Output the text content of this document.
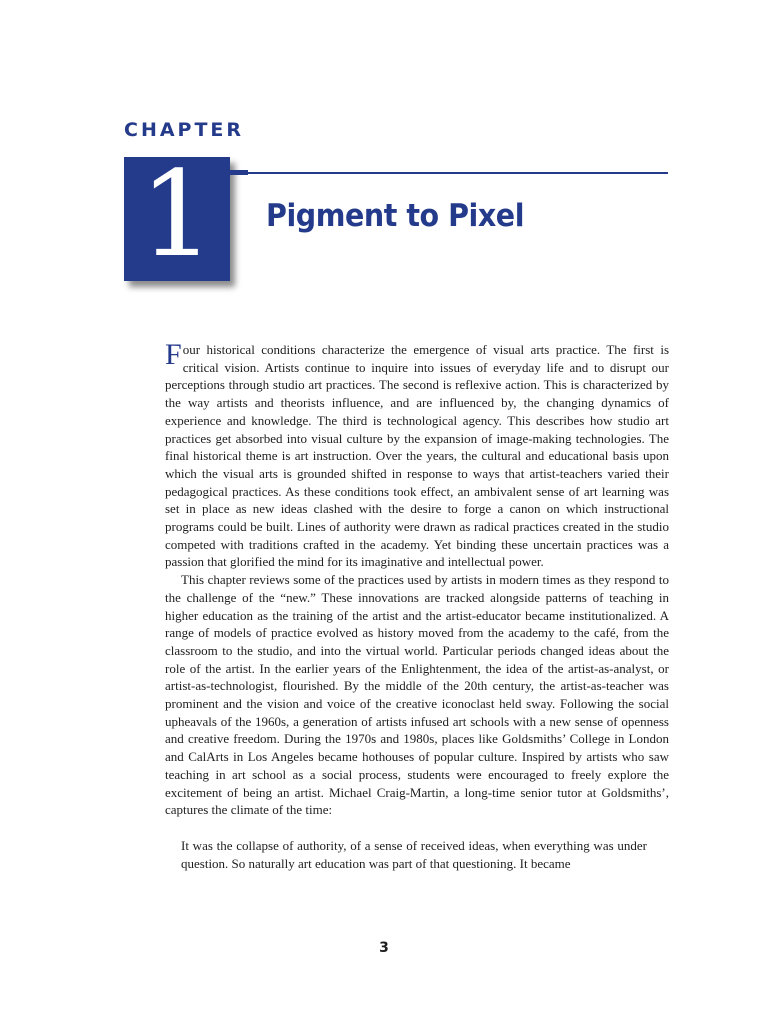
CHAPTER
1	Pigment to Pixel

Four historical conditions characterize the emergence of visual arts practice. The first is critical vision. Artists continue to inquire into issues of everyday life and to disrupt our perceptions through studio art practices. The second is reflexive action. This is characterized by the way artists and theorists influence, and are influenced by, the changing dynamics of experience and knowledge. The third is technological agency. This describes how studio art practices get absorbed into visual culture by the expansion of image-making technologies. The final historical theme is art instruction. Over the years, the cultural and educational basis upon which the visual arts is grounded shifted in response to ways that artist-teachers varied their pedagogical practices. As these conditions took effect, an ambivalent sense of art learning was set in place as new ideas clashed with the desire to forge a canon on which instructional programs could be built. Lines of authority were drawn as radical practices created in the studio competed with traditions crafted in the academy. Yet binding these uncertain practices was a passion that glorified the mind for its imaginative and intellectual power.

This chapter reviews some of the practices used by artists in modern times as they respond to the challenge of the “new.” These innovations are tracked alongside patterns of teaching in higher education as the training of the artist and the artist-educator became institutionalized. A range of models of practice evolved as history moved from the academy to the café, from the classroom to the studio, and into the virtual world. Particular periods changed ideas about the role of the artist. In the earlier years of the Enlightenment, the idea of the artist-as-analyst, or artist-as-technologist, flourished. By the middle of the 20th century, the artist-as-teacher was prominent and the vision and voice of the creative iconoclast held sway. Following the social upheavals of the 1960s, a generation of artists infused art schools with a new sense of openness and creative freedom. During the 1970s and 1980s, places like Goldsmiths’ College in London and CalArts in Los Angeles became hothouses of popular culture. Inspired by artists who saw teaching in art school as a social process, students were encouraged to freely explore the excitement of being an artist. Michael Craig-Martin, a long-time senior tutor at Goldsmiths’, captures the climate of the time:

It was the collapse of authority, of a sense of received ideas, when everything was under question. So naturally art education was part of that questioning. It became

3
